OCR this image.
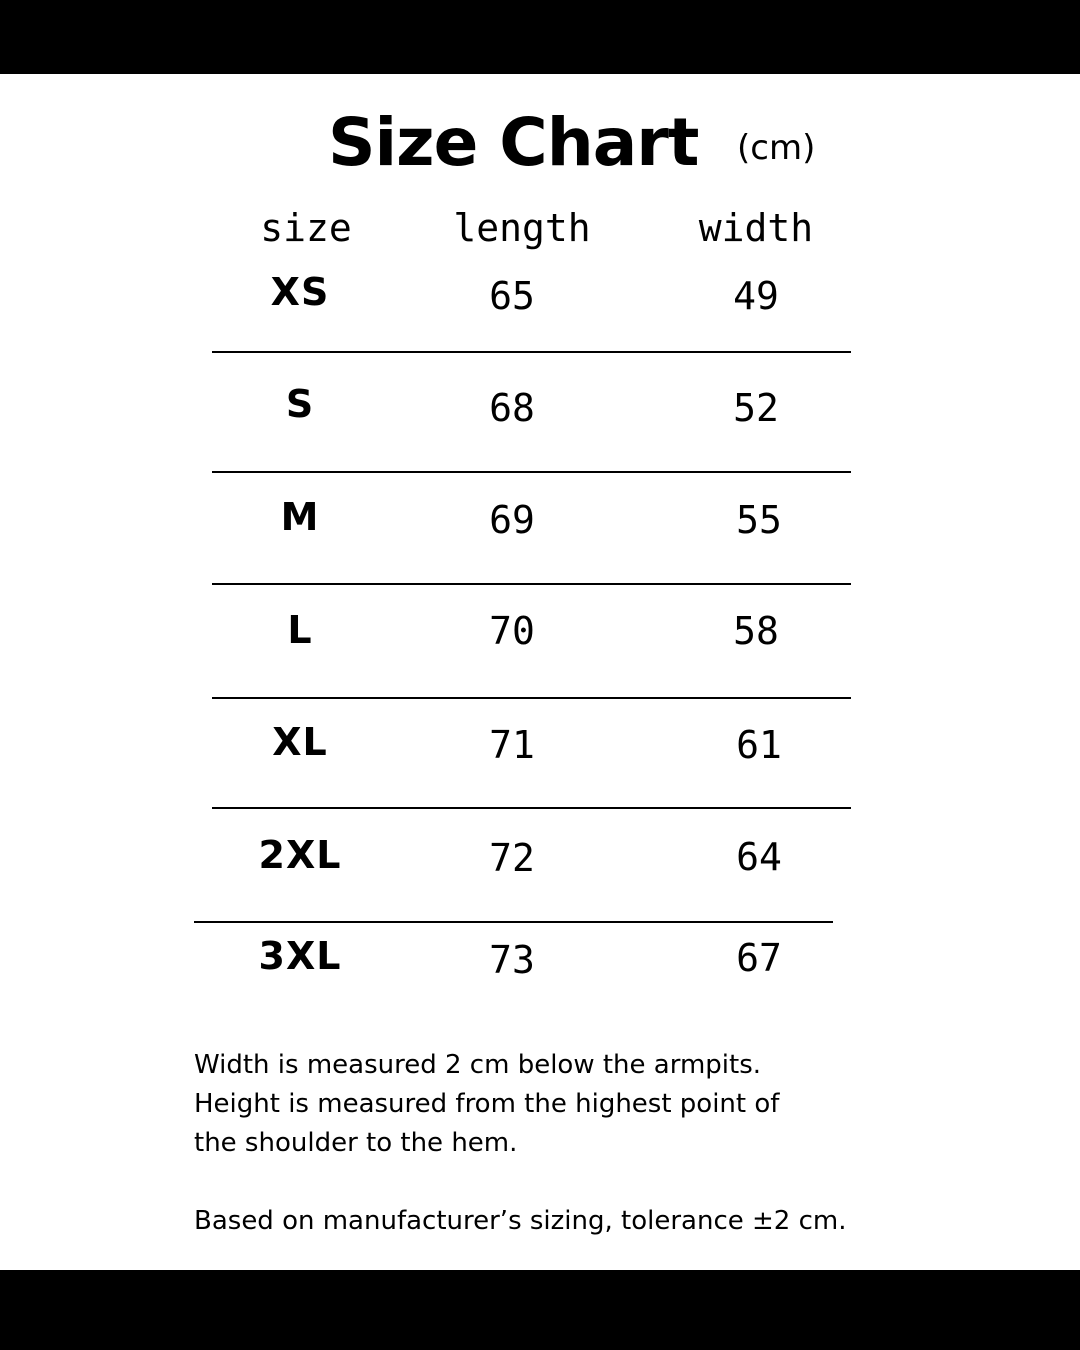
Size Chart (cm)
size	length	width
XS	65	49
S	68	52
M	69	55
L	70	58
XL	71	61
2XL	72	64
3XL	73	67

Width is measured 2 cm below the armpits.

Height is measured from the highest point of

the shoulder to the hem.

Based on manufacturer’s sizing, tolerance ±2 cm.
